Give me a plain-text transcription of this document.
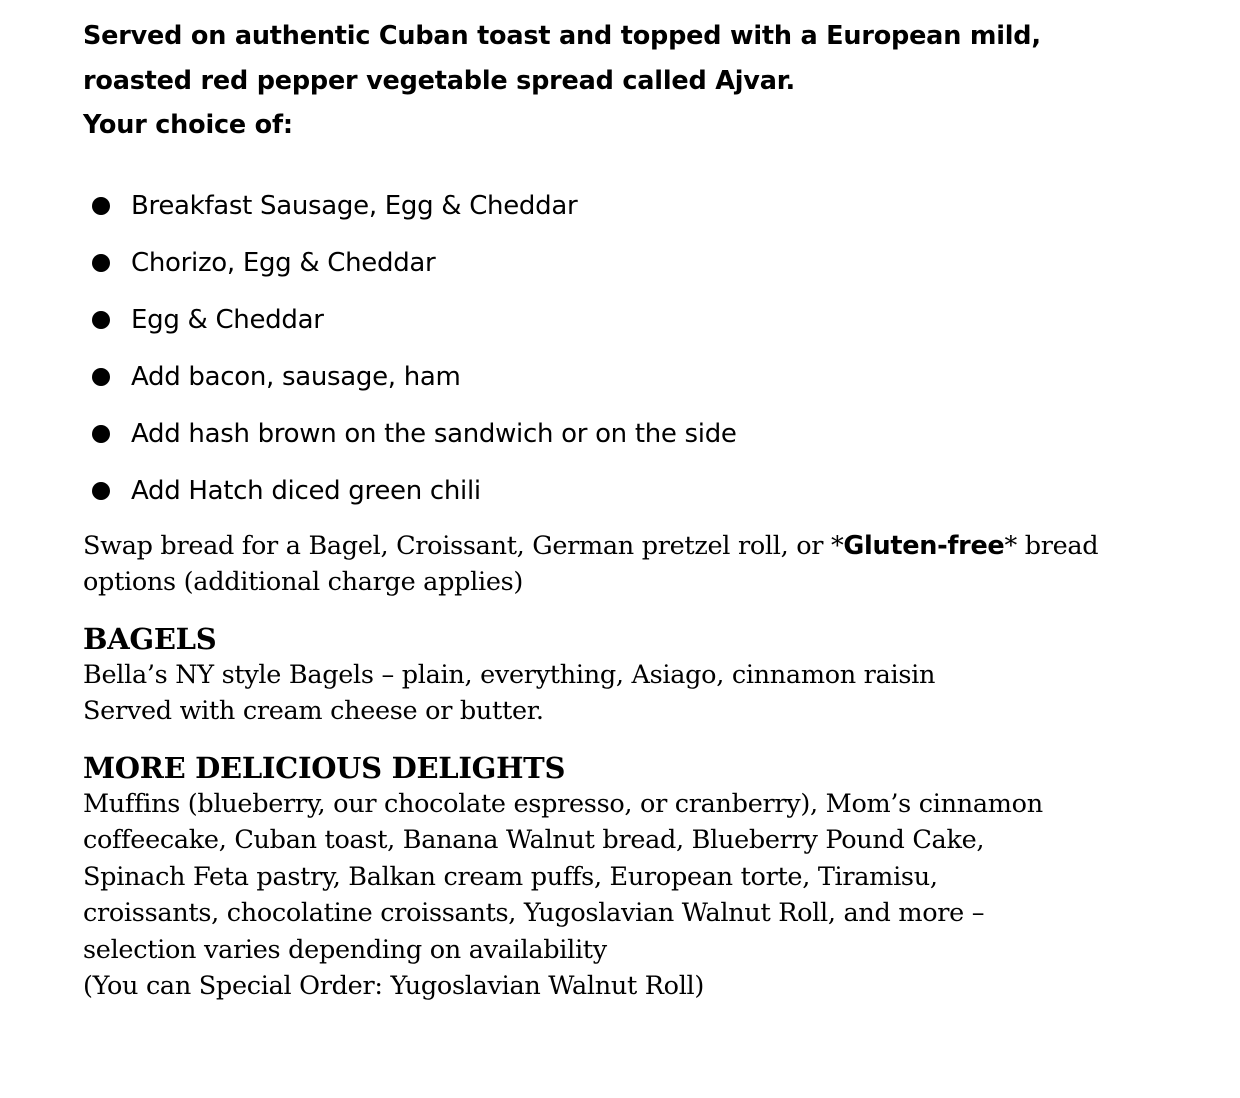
Served on authentic Cuban toast and topped with a European mild,
roasted red pepper vegetable spread called Ajvar.
Your choice of:
Breakfast Sausage, Egg & Cheddar
Chorizo, Egg & Cheddar
Egg & Cheddar
Add bacon, sausage, ham
Add hash brown on the sandwich or on the side
Add Hatch diced green chili
Swap bread for a Bagel, Croissant, German pretzel roll, or *Gluten-free* bread
options (additional charge applies)
BAGELS
Bella’s NY style Bagels – plain, everything, Asiago, cinnamon raisin
Served with cream cheese or butter.
MORE DELICIOUS DELIGHTS
Muffins (blueberry, our chocolate espresso, or cranberry), Mom’s cinnamon
coffeecake, Cuban toast, Banana Walnut bread, Blueberry Pound Cake,
Spinach Feta pastry, Balkan cream puffs, European torte, Tiramisu,
croissants, chocolatine croissants, Yugoslavian Walnut Roll, and more –
selection varies depending on availability
(You can Special Order: Yugoslavian Walnut Roll)
